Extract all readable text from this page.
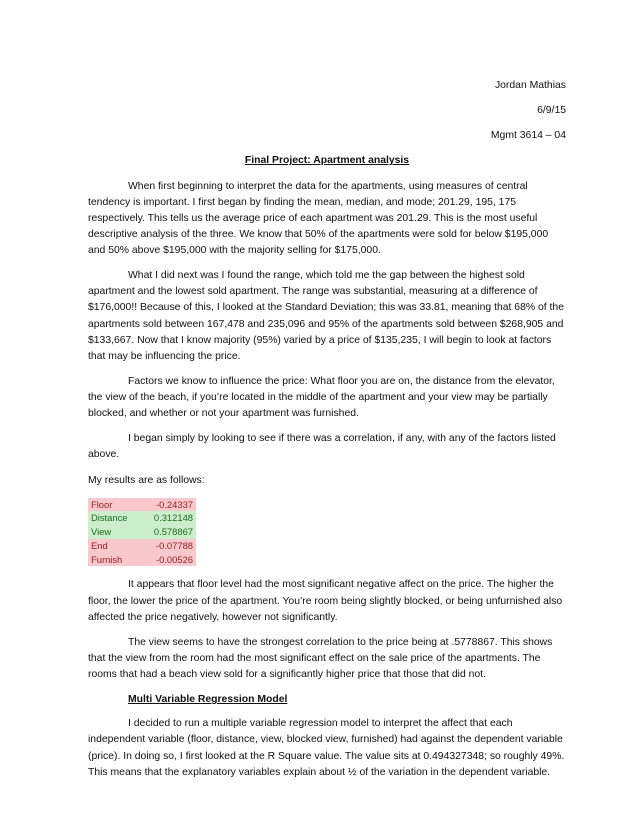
Jordan Mathias
6/9/15
Mgmt 3614 – 04
Final Project: Apartment analysis

When first beginning to interpret the data for the apartments, using measures of central tendency is important. I first began by finding the mean, median, and mode; 201.29, 195, 175 respectively. This tells us the average price of each apartment was 201.29. This is the most useful descriptive analysis of the three. We know that 50% of the apartments were sold for below $195,000 and 50% above $195,000 with the majority selling for $175,000.

What I did next was I found the range, which told me the gap between the highest sold apartment and the lowest sold apartment. The range was substantial, measuring at a difference of $176,000!! Because of this, I looked at the Standard Deviation; this was 33.81, meaning that 68% of the apartments sold between 167,478 and 235,096 and 95% of the apartments sold between $268,905 and $133,667. Now that I know majority (95%) varied by a price of $135,235, I will begin to look at factors that may be influencing the price.

Factors we know to influence the price: What floor you are on, the distance from the elevator, the view of the beach, if you’re located in the middle of the apartment and your view may be partially blocked, and whether or not your apartment was furnished.

I began simply by looking to see if there was a correlation, if any, with any of the factors listed above.

My results are as follows:

Floor	-0.24337
Distance	0.312148
View	0.578867
End	-0.07788
Furnish	-0.00526

It appears that floor level had the most significant negative affect on the price. The higher the floor, the lower the price of the apartment. You’re room being slightly blocked, or being unfurnished also affected the price negatively, however not significantly.

The view seems to have the strongest correlation to the price being at .5778867. This shows that the view from the room had the most significant effect on the sale price of the apartments. The rooms that had a beach view sold for a significantly higher price that those that did not.

Multi Variable Regression Model

I decided to run a multiple variable regression model to interpret the affect that each independent variable (floor, distance, view, blocked view, furnished) had against the dependent variable (price). In doing so, I first looked at the R Square value. The value sits at 0.494327348; so roughly 49%. This means that the explanatory variables explain about ½ of the variation in the dependent variable.
